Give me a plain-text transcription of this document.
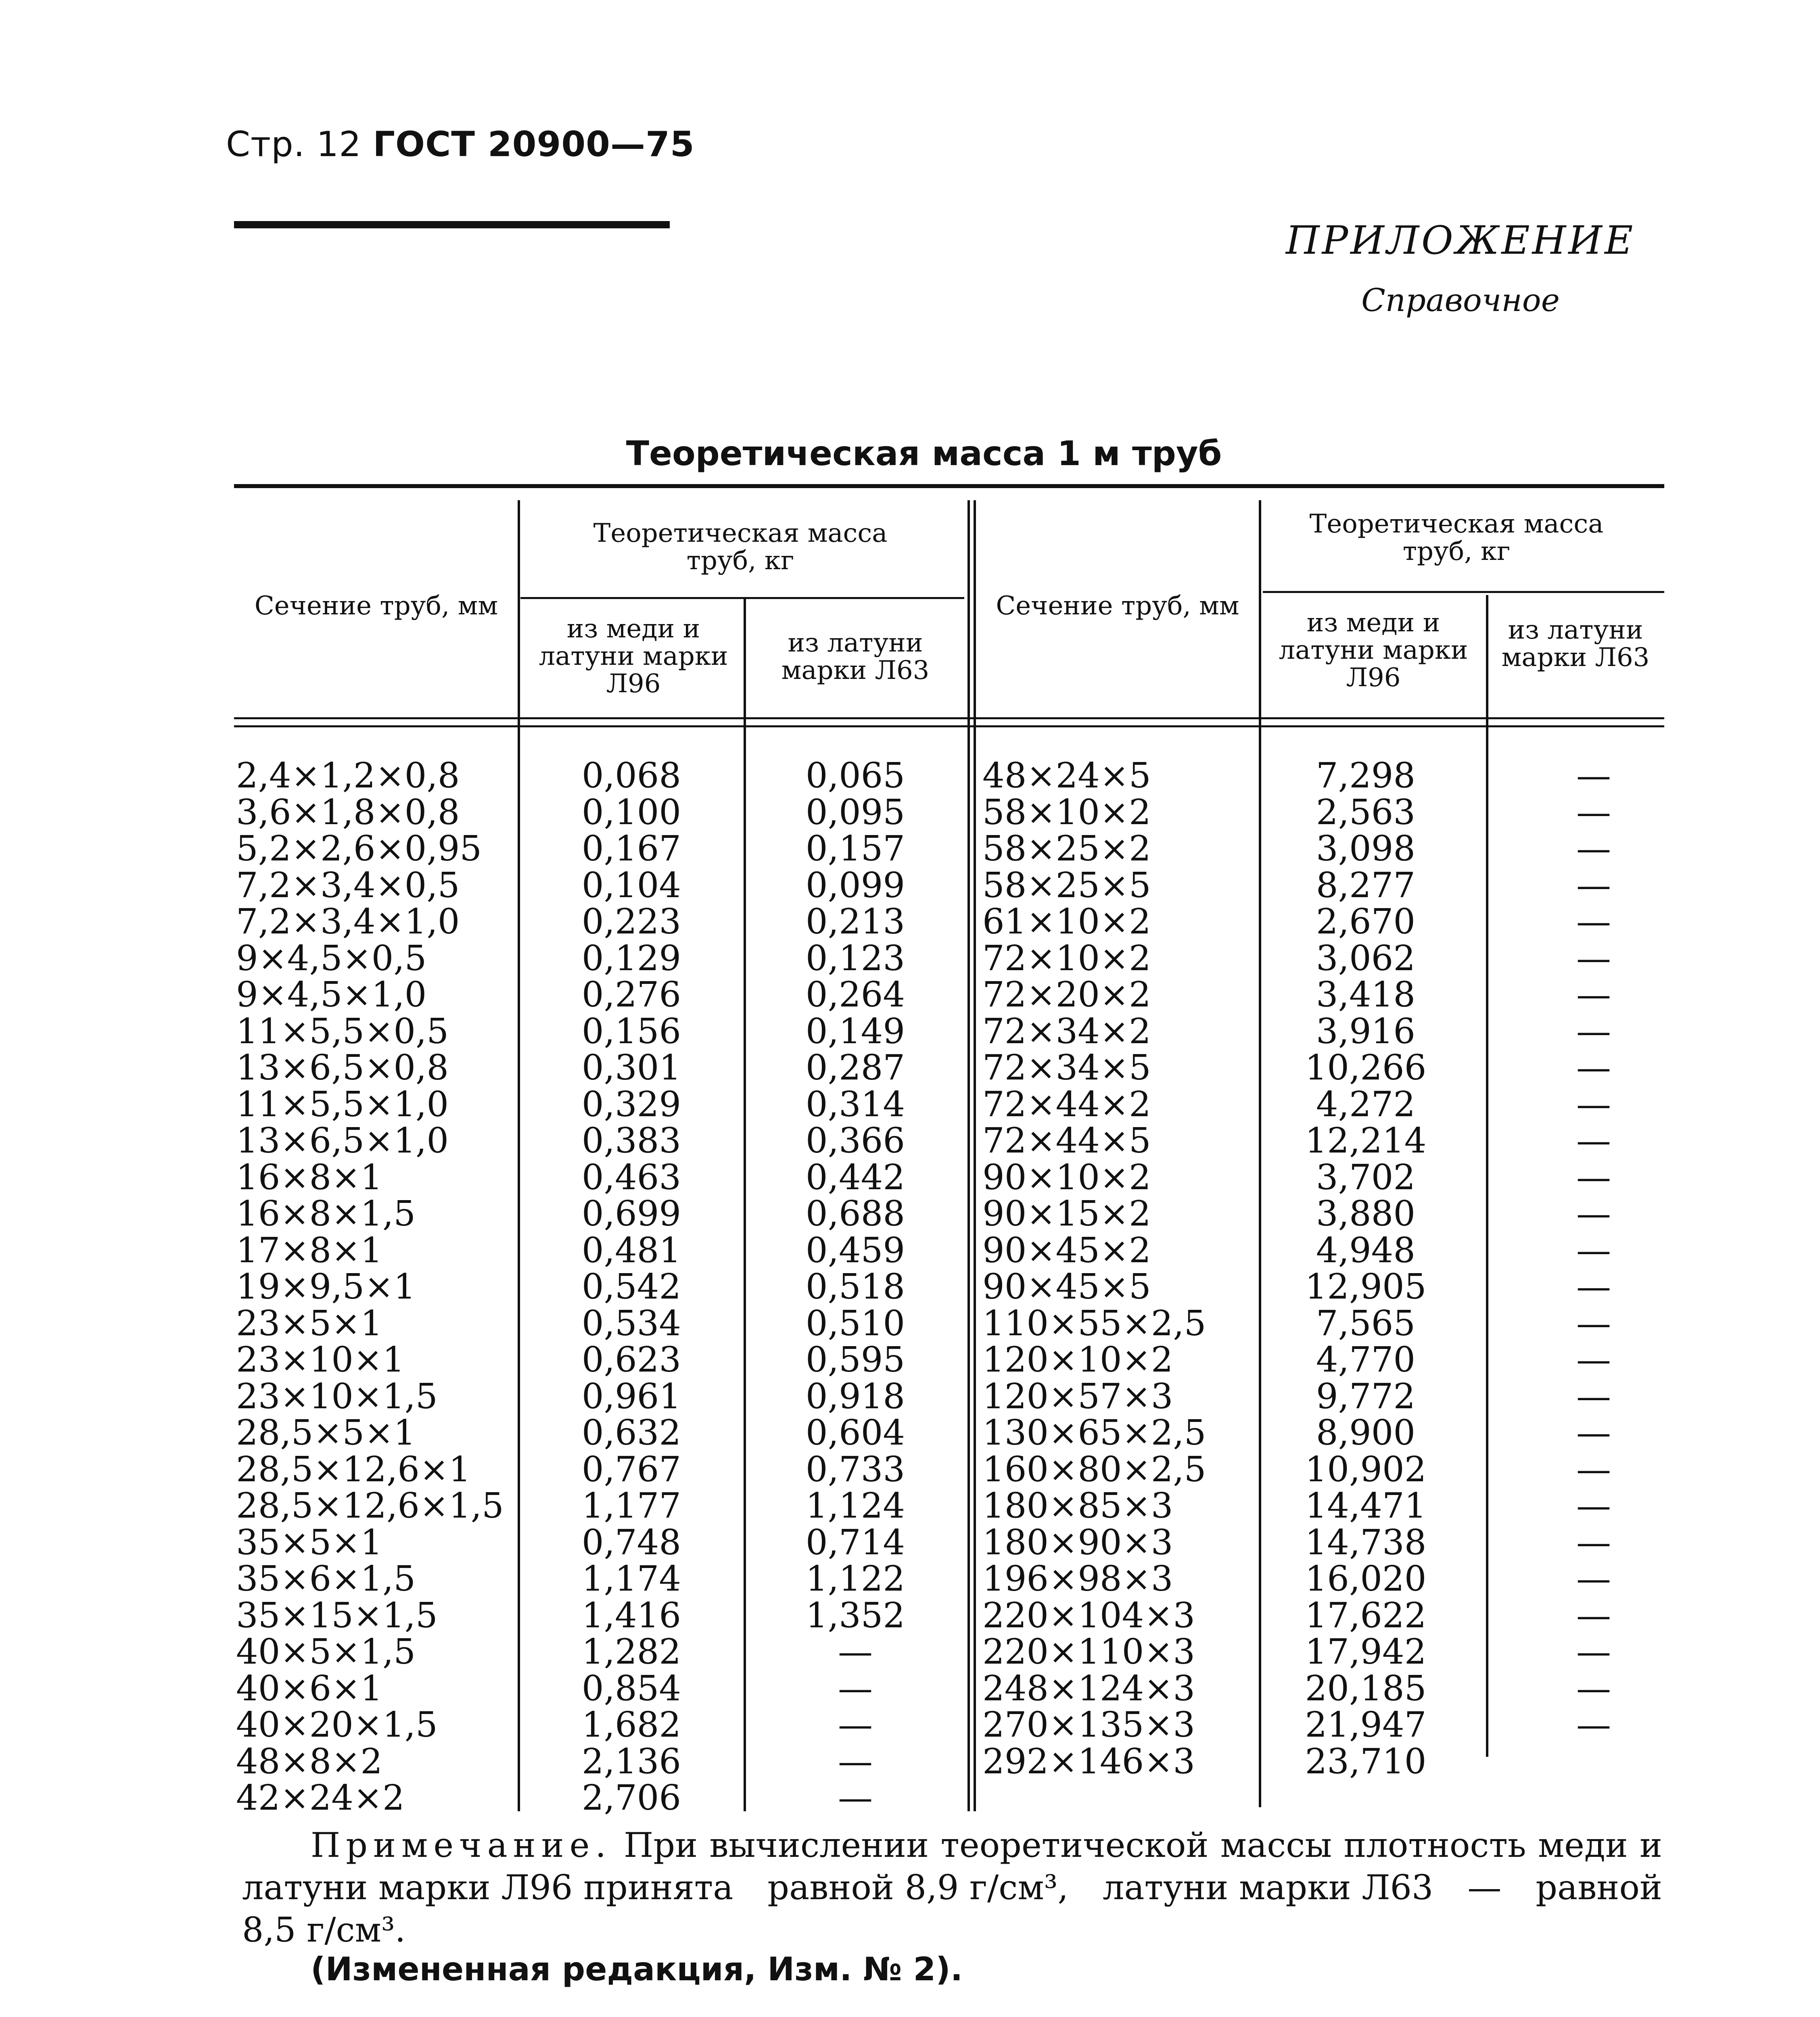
Стр. 12 ГОСТ 20900—75
ПРИЛОЖЕНИЕ
Справочное
Теоретическая масса 1 м труб
Сечение труб, мм
Теоретическая масса труб, кг
из меди и латуни марки Л96
из латуни марки Л63
Сечение труб, мм
Теоретическая масса труб, кг
из меди и латуни марки Л96
из латуни марки Л63
2,4×1,2×0,8
3,6×1,8×0,8
5,2×2,6×0,95
7,2×3,4×0,5
7,2×3,4×1,0
9×4,5×0,5
9×4,5×1,0
11×5,5×0,5
13×6,5×0,8
11×5,5×1,0
13×6,5×1,0
16×8×1
16×8×1,5
17×8×1
19×9,5×1
23×5×1
23×10×1
23×10×1,5
28,5×5×1
28,5×12,6×1
28,5×12,6×1,5
35×5×1
35×6×1,5
35×15×1,5
40×5×1,5
40×6×1
40×20×1,5
48×8×2
42×24×2
0,068
0,100
0,167
0,104
0,223
0,129
0,276
0,156
0,301
0,329
0,383
0,463
0,699
0,481
0,542
0,534
0,623
0,961
0,632
0,767
1,177
0,748
1,174
1,416
1,282
0,854
1,682
2,136
2,706
0,065
0,095
0,157
0,099
0,213
0,123
0,264
0,149
0,287
0,314
0,366
0,442
0,688
0,459
0,518
0,510
0,595
0,918
0,604
0,733
1,124
0,714
1,122
1,352
—
—
—
—
—
48×24×5
58×10×2
58×25×2
58×25×5
61×10×2
72×10×2
72×20×2
72×34×2
72×34×5
72×44×2
72×44×5
90×10×2
90×15×2
90×45×2
90×45×5
110×55×2,5
120×10×2
120×57×3
130×65×2,5
160×80×2,5
180×85×3
180×90×3
196×98×3
220×104×3
220×110×3
248×124×3
270×135×3
292×146×3
7,298
2,563
3,098
8,277
2,670
3,062
3,418
3,916
10,266
4,272
12,214
3,702
3,880
4,948
12,905
7,565
4,770
9,772
8,900
10,902
14,471
14,738
16,020
17,622
17,942
20,185
21,947
23,710
—
—
—
—
—
—
—
—
—
—
—
—
—
—
—
—
—
—
—
—
—
—
—
—
—
—
—
Примечание. При вычислении теоретической массы плотность меди и
латуни марки Л96 принята равной 8,9 г/см³, латуни марки Л63 — равной
8,5 г/см³.
(Измененная редакция, Изм. № 2).
